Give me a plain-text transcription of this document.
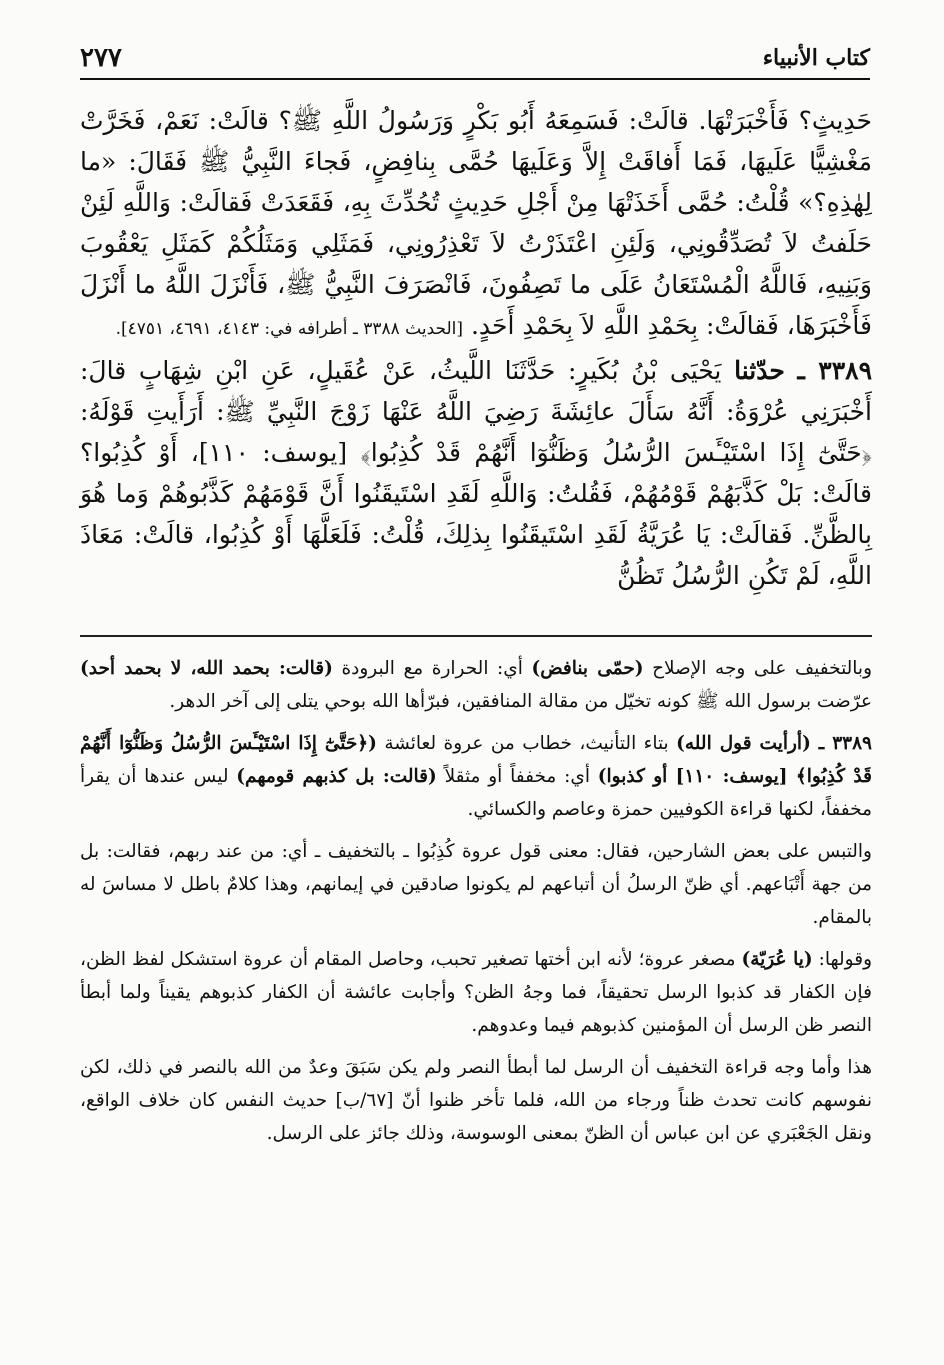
٢٧٧	كتاب الأنبياء

حَدِيثٍ؟ فَأَخْبَرَتْهَا. قالَتْ: فَسَمِعَهُ أَبُو بَكْرٍ وَرَسُولُ اللَّهِ ﷺ؟ قالَتْ: نَعَمْ، فَخَرَّتْ مَغْشِيًّا عَلَيهَا، فَمَا أَفاقَتْ إِلاَّ وَعَلَيهَا حُمَّى بِنافِضٍ، فَجاءَ النَّبِيُّ ﷺ فَقَالَ: «ما لِهٰذِهِ؟» قُلْتُ: حُمَّى أَخَذَتْهَا مِنْ أَجْلِ حَدِيثٍ تُحُدِّثَ بِهِ، فَقَعَدَتْ فَقالَتْ: وَاللَّهِ لَئِنْ حَلَفتُ لاَ تُصَدِّقُونِي، وَلَئِنِ اعْتَذَرْتُ لاَ تَعْذِرُونِي، فَمَثَلِي وَمَثَلُكُمْ كَمَثَلِ يَعْقُوبَ وَبَنِيهِ، فَاللَّهُ الْمُسْتَعَانُ عَلَى ما تَصِفُونَ، فَانْصَرَفَ النَّبِيُّ ﷺ، فَأَنْزَلَ اللَّهُ ما أَنْزَلَ فَأَخْبَرَهَا، فَقالَتْ: بِحَمْدِ اللَّهِ لاَ بِحَمْدِ أَحَدٍ. [الحديث ٣٣٨٨ ـ أطرافه في: ٤١٤٣، ٤٦٩١، ٤٧٥١].

٣٣٨٩ ـ حدّثنا يَحْيَى بْنُ بُكَيرٍ: حَدَّثَنَا اللَّيثُ، عَنْ عُقَيلٍ، عَنِ ابْنِ شِهَابٍ قالَ: أَخْبَرَنِي عُرْوَةُ: أَنَّهُ سَأَلَ عائِشَةَ رَضِيَ اللَّهُ عَنْهَا زَوْجَ النَّبِيِّ ﷺ: أَرَأَيتِ قَوْلَهُ: ﴿حَتَّىٰٓ إِذَا اسْتَيْـَٔسَ الرُّسُلُ وَظَنُّوٓا أَنَّهُمْ قَدْ كُذِبُوا﴾ [يوسف: ١١٠]، أَوْ كُذِبُوا؟ قالَتْ: بَلْ كَذَّبَهُمْ قَوْمُهُمْ، فَقُلتُ: وَاللَّهِ لَقَدِ اسْتَيقَنُوا أَنَّ قَوْمَهُمْ كَذَّبُوهُمْ وَما هُوَ بِالظَّنِّ. فَقالَتْ: يَا عُرَيَّةُ لَقَدِ اسْتَيقَنُوا بِذلِكَ، قُلْتُ: فَلَعَلَّهَا أَوْ كُذِبُوا، قالَتْ: مَعَاذَ اللَّهِ، لَمْ تَكُنِ الرُّسُلُ تَظُنُّ

وبالتخفيف على وجه الإصلاح (حمّى بنافض) أي: الحرارة مع البرودة (قالت: بحمد الله، لا بحمد أحد) عرّضت برسول الله ﷺ كونه تخيّل من مقالة المنافقين، فبرّأها الله بوحي يتلى إلى آخر الدهر.

٣٣٨٩ ـ (أرأيت قول الله) بتاء التأنيث، خطاب من عروة لعائشة (﴿حَتَّىٰٓ إِذَا اسْتَيْـَٔسَ الرُّسُلُ وَظَنُّوٓا أَنَّهُمْ قَدْ كُذِبُوا﴾ [يوسف: ١١٠] أو كذبوا) أي: مخففاً أو مثقلاً (قالت: بل كذبهم قومهم) ليس عندها أن يقرأ مخففاً، لكنها قراءة الكوفيين حمزة وعاصم والكسائي.

والتبس على بعض الشارحين، فقال: معنى قول عروة كُذِبُوا ـ بالتخفيف ـ أي: من عند ربهم، فقالت: بل من جهة أَتْبَاعهم. أي ظنّ الرسلُ أن أتباعهم لم يكونوا صادقين في إيمانهم، وهذا كلامٌ باطل لا مساسَ له بالمقام.

وقولها: (يا عُرَيّة) مصغر عروة؛ لأنه ابن أختها تصغير تحبب، وحاصل المقام أن عروة استشكل لفظ الظن، فإن الكفار قد كذبوا الرسل تحقيقاً، فما وجهُ الظن؟ وأجابت عائشة أن الكفار كذبوهم يقيناً ولما أبطأ النصر ظن الرسل أن المؤمنين كذبوهم فيما وعدوهم.

هذا وأما وجه قراءة التخفيف أن الرسل لما أبطأ النصر ولم يكن سَبَقَ وعدٌ من الله بالنصر في ذلك، لكن نفوسهم كانت تحدث ظناً ورجاء من الله، فلما تأخر ظنوا أنّ [٦٧/ب] حديث النفس كان خلاف الواقع، ونقل الجَعْبَري عن ابن عباس أن الظنّ بمعنى الوسوسة، وذلك جائز على الرسل.
